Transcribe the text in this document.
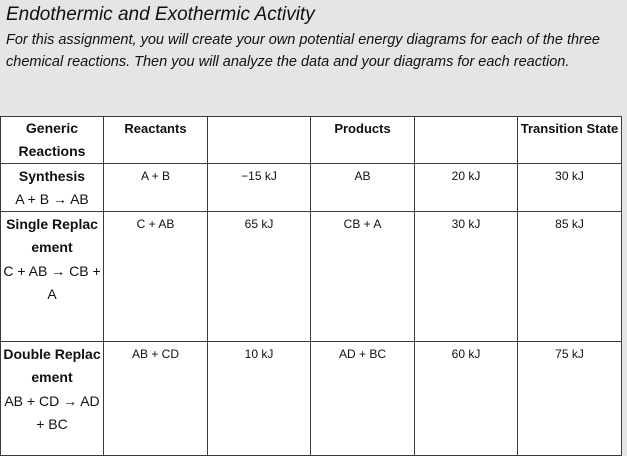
Endothermic and Exothermic Activity

For this assignment, you will create your own potential energy diagrams for each of the three chemical reactions. Then you will analyze the data and your diagrams for each reaction.

Generic Reactions	Reactants		Products		Transition State

Synthesis
A + B → AB	A + B	−15 kJ	AB	20 kJ	30 kJ

Single Replacement
C + AB → CB + A	C + AB	65 kJ	CB + A	30 kJ	85 kJ

Double Replacement
AB + CD → AD + BC	AB + CD	10 kJ	AD + BC	60 kJ	75 kJ
